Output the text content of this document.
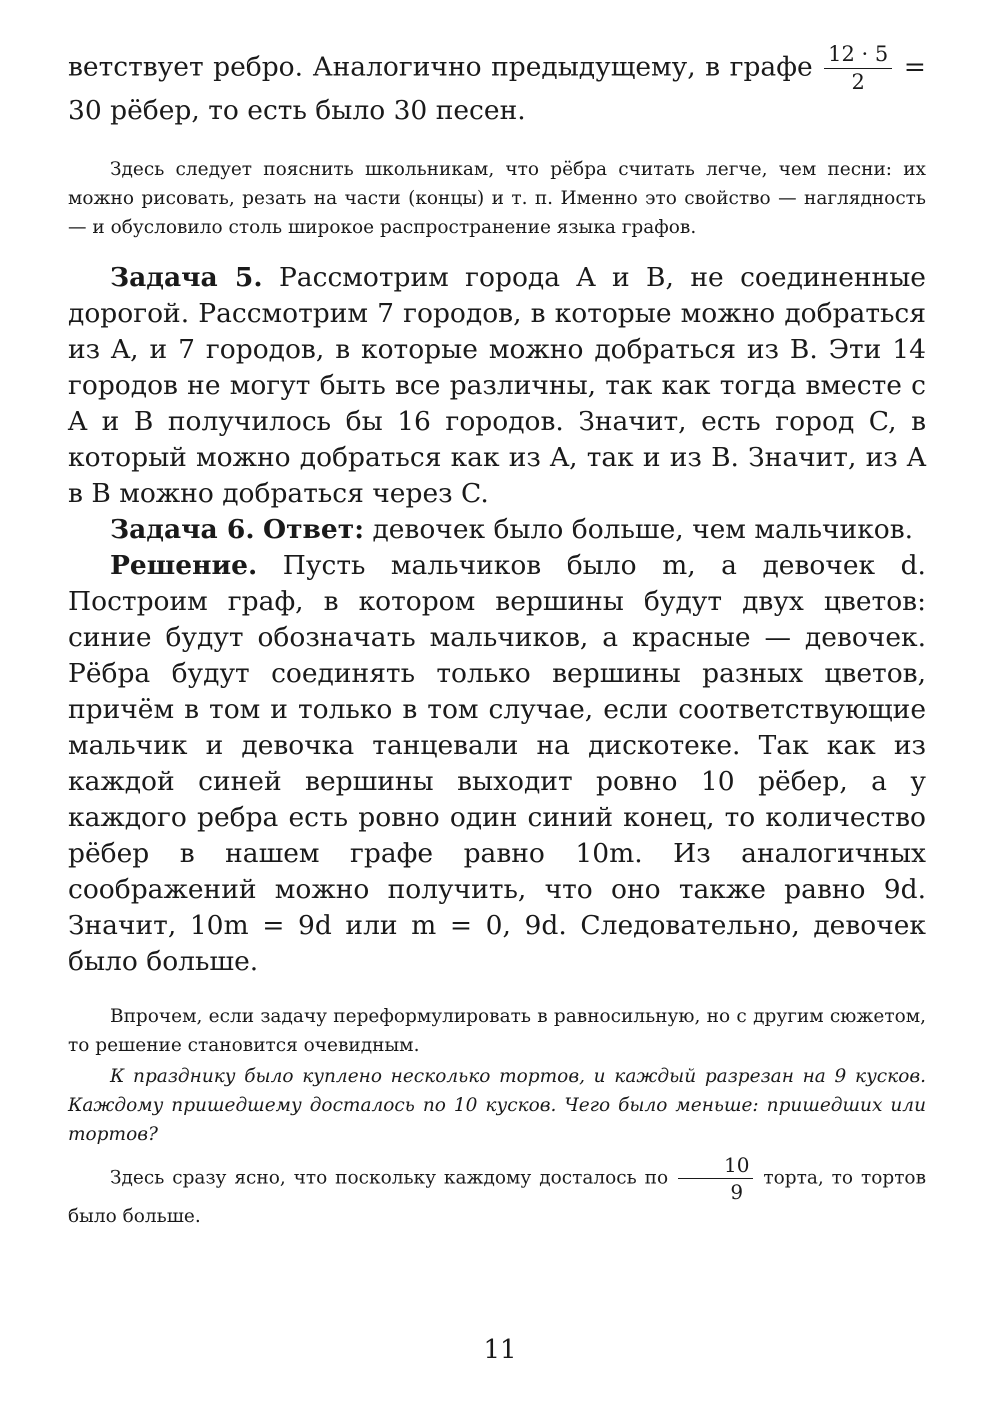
ветствует ребро. Аналогично предыдущему, в графе $\frac{12 \cdot 5}{2} = 30$ рёбер, то есть было 30 песен.

Здесь следует пояснить школьникам, что рёбра считать легче, чем песни: их можно рисовать, резать на части (концы) и т. п. Именно это свойство — наглядность — и обусловило столь широкое распространение языка графов.

Задача 5. Рассмотрим города A и B, не соединенные дорогой. Рассмотрим 7 городов, в которые можно добраться из A, и 7 городов, в которые можно добраться из B. Эти 14 городов не могут быть все различны, так как тогда вместе с A и B получилось бы 16 городов. Значит, есть город C, в который можно добраться как из A, так и из B. Значит, из A в B можно добраться через C.

Задача 6. Ответ: девочек было больше, чем мальчиков.

Решение. Пусть мальчиков было m, а девочек d. Построим граф, в котором вершины будут двух цветов: синие будут обозначать мальчиков, а красные — девочек. Рёбра будут соединять только вершины разных цветов, причём в том и только в том случае, если соответствующие мальчик и девочка танцевали на дискотеке. Так как из каждой синей вершины выходит ровно 10 рёбер, а у каждого ребра есть ровно один синий конец, то количество рёбер в нашем графе равно 10m. Из аналогичных соображений можно получить, что оно также равно 9d. Значит, 10m = 9d или m = 0, 9d. Следовательно, девочек было больше.

Впрочем, если задачу переформулировать в равносильную, но с другим сюжетом, то решение становится очевидным.

К празднику было куплено несколько тортов, и каждый разрезан на 9 кусков. Каждому пришедшему досталось по 10 кусков. Чего было меньше: пришедших или тортов?

Здесь сразу ясно, что поскольку каждому досталось по $\frac{10}{9}$ торта, то тортов было больше.

11
